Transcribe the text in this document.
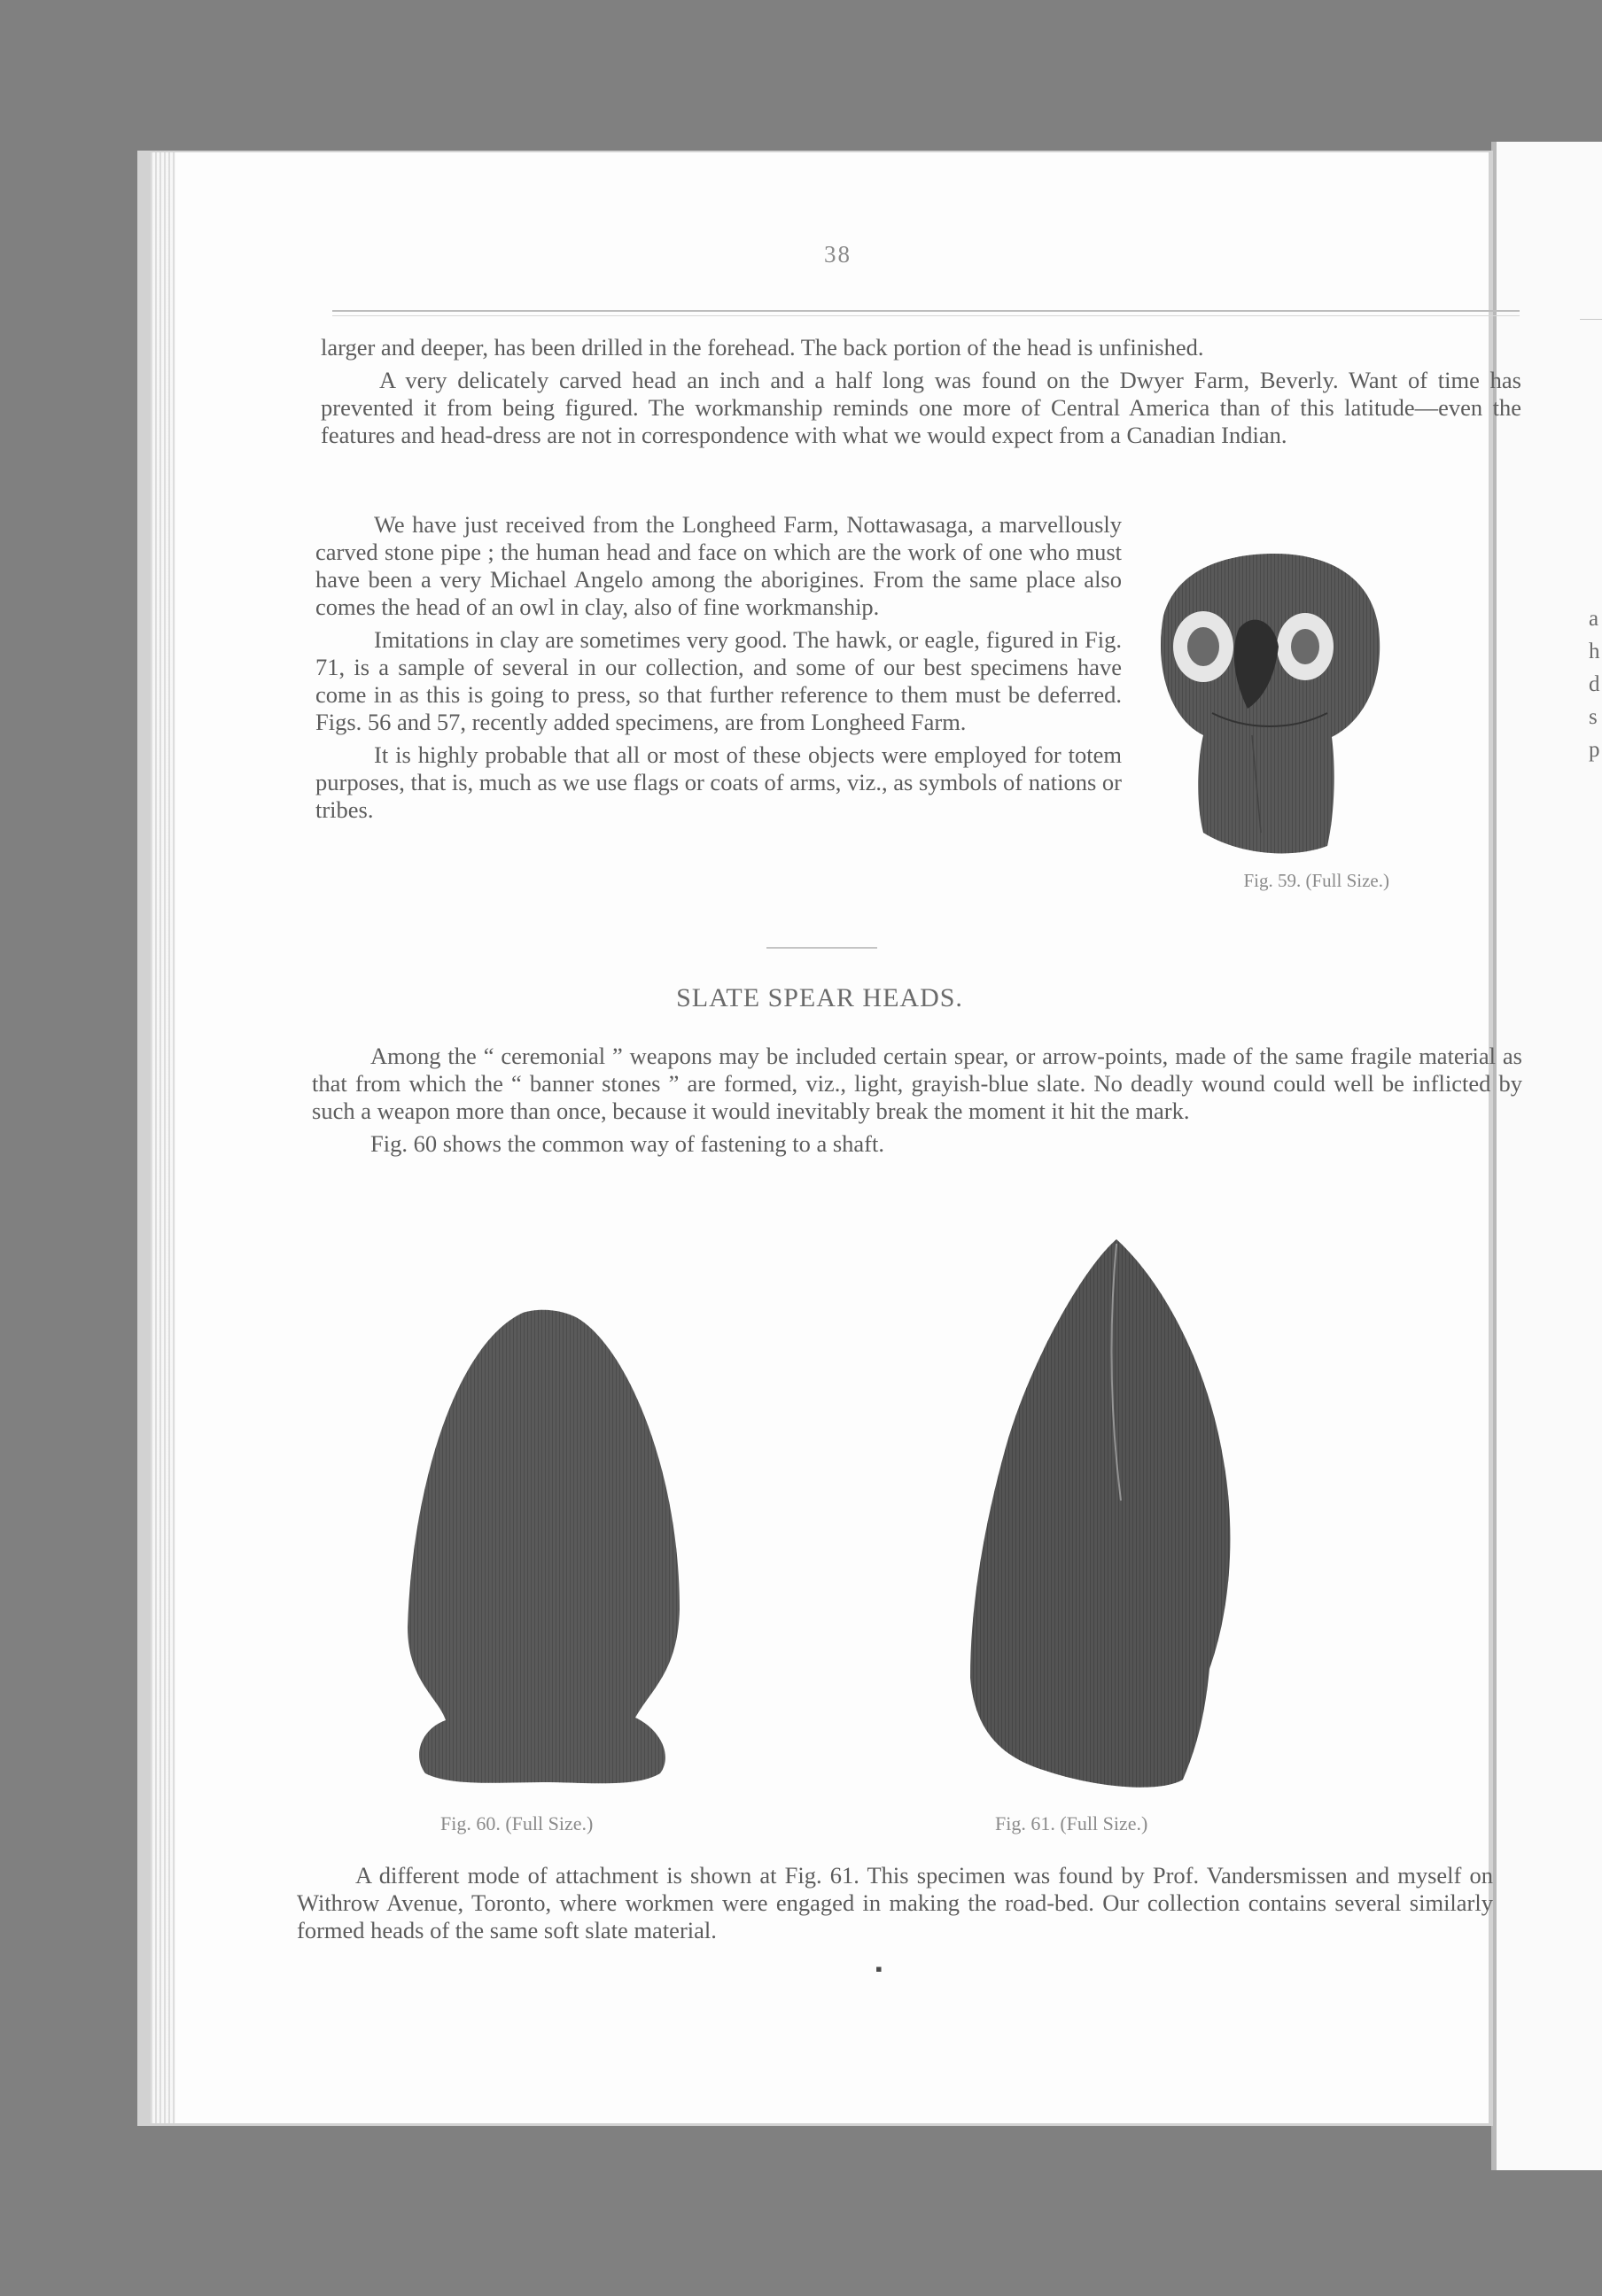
a
h
d
s
p
38

larger and deeper, has been drilled in the forehead. The back portion of the head is unfinished.

A very delicately carved head an inch and a half long was found on the Dwyer Farm, Beverly. Want of time has prevented it from being figured. The workmanship reminds one more of Central America than of this latitude—even the features and head-dress are not in correspondence with what we would expect from a Canadian Indian.

We have just received from the Longheed Farm, Nottawasaga, a marvellously carved stone pipe ; the human head and face on which are the work of one who must have been a very Michael Angelo among the aborigines. From the same place also comes the head of an owl in clay, also of fine workmanship.

Imitations in clay are sometimes very good. The hawk, or eagle, figured in Fig. 71, is a sample of several in our collection, and some of our best specimens have come in as this is going to press, so that further reference to them must be deferred. Figs. 56 and 57, recently added specimens, are from Longheed Farm.

It is highly probable that all or most of these objects were employed for totem purposes, that is, much as we use flags or coats of arms, viz., as symbols of nations or tribes.

Fig. 59. (Full Size.)
SLATE SPEAR HEADS.

Among the “ ceremonial ” weapons may be included certain spear, or arrow-points, made of the same fragile material as that from which the “ banner stones ” are formed, viz., light, grayish-blue slate. No deadly wound could well be inflicted by such a weapon more than once, because it would inevitably break the moment it hit the mark.

Fig. 60 shows the common way of fastening to a shaft.

Fig. 60. (Full Size.)	Fig. 61. (Full Size.)

A different mode of attachment is shown at Fig. 61. This specimen was found by Prof. Vandersmissen and myself on Withrow Avenue, Toronto, where workmen were engaged in making the road-bed. Our collection contains several similarly formed heads of the same soft slate material.

▪
